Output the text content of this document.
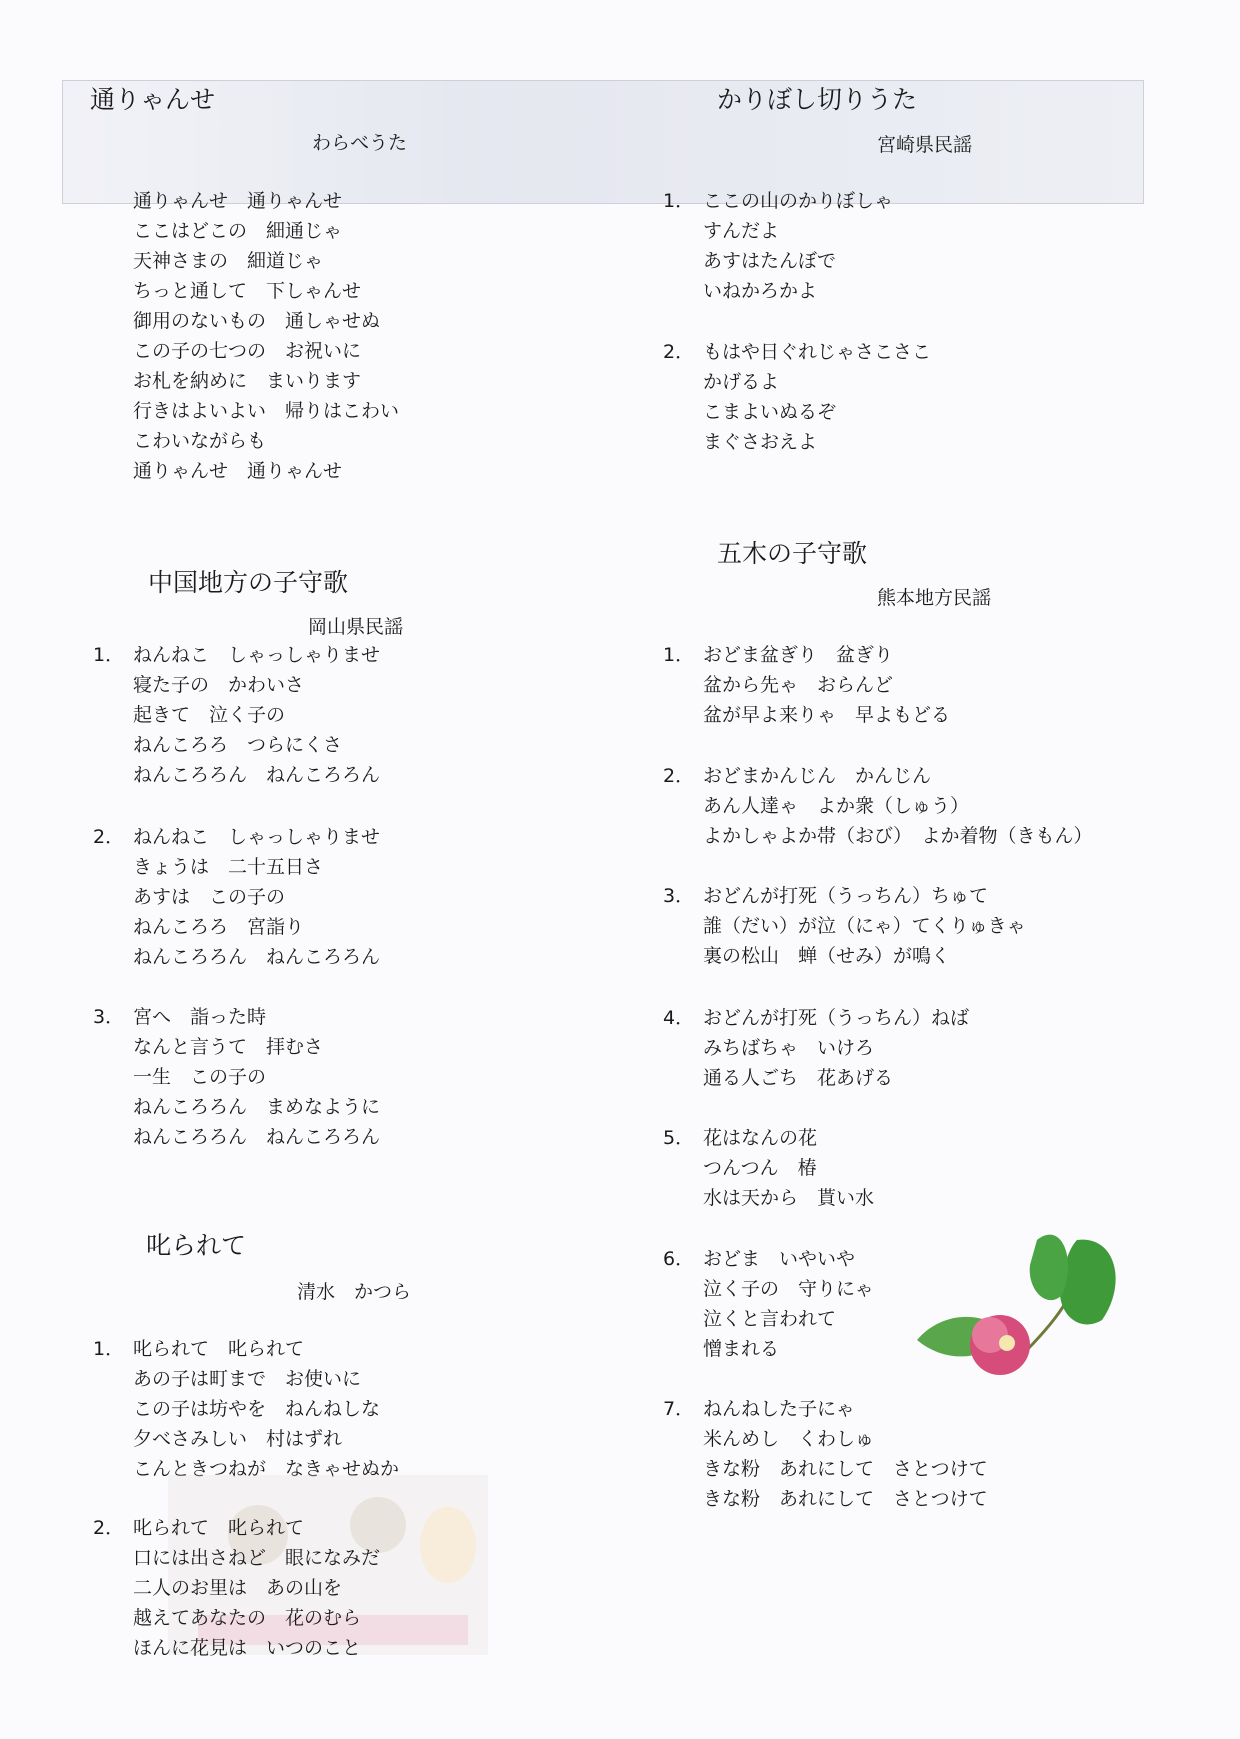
通りゃんせ
わらべうた
通りゃんせ　通りゃんせ
ここはどこの　細通じゃ
天神さまの　細道じゃ
ちっと通して　下しゃんせ
御用のないもの　通しゃせぬ
この子の七つの　お祝いに
お札を納めに　まいります
行きはよいよい　帰りはこわい
こわいながらも
通りゃんせ　通りゃんせ
中国地方の子守歌
岡山県民謡
1． ねんねこ　しゃっしゃりませ
寝た子の　かわいさ
起きて　泣く子の
ねんころろ　つらにくさ
ねんころろん　ねんころろん
2． ねんねこ　しゃっしゃりませ
きょうは　二十五日さ
あすは　この子の
ねんころろ　宮詣り
ねんころろん　ねんころろん
3． 宮へ　詣った時
なんと言うて　拝むさ
一生　この子の
ねんころろん　まめなように
ねんころろん　ねんころろん
叱られて
清水　かつら
1． 叱られて　叱られて
あの子は町まで　お使いに
この子は坊やを　ねんねしな
夕べさみしい　村はずれ
こんときつねが　なきゃせぬか
2． 叱られて　叱られて
口には出さねど　眼になみだ
二人のお里は　あの山を
越えてあなたの　花のむら
ほんに花見は　いつのこと
かりぼし切りうた
宮崎県民謡
1． ここの山のかりぼしゃ
すんだよ
あすはたんぼで
いねかろかよ
2． もはや日ぐれじゃさこさこ
かげるよ
こまよいぬるぞ
まぐさおえよ
五木の子守歌
熊本地方民謡
1． おどま盆ぎり　盆ぎり
盆から先ゃ　おらんど
盆が早よ来りゃ　早よもどる
2． おどまかんじん　かんじん
あん人達ゃ　よか衆（しゅう）
よかしゃよか帯（おび）　よか着物（きもん）
3． おどんが打死（うっちん）ちゅて
誰（だい）が泣（にゃ）てくりゅきゃ
裏の松山　蝉（せみ）が鳴く
4． おどんが打死（うっちん）ねば
みちばちゃ　いけろ
通る人ごち　花あげる
5． 花はなんの花
つんつん　椿
水は天から　貰い水
6． おどま　いやいや
泣く子の　守りにゃ
泣くと言われて
憎まれる
7． ねんねした子にゃ
米んめし　くわしゅ
きな粉　あれにして　さとつけて
きな粉　あれにして　さとつけて
